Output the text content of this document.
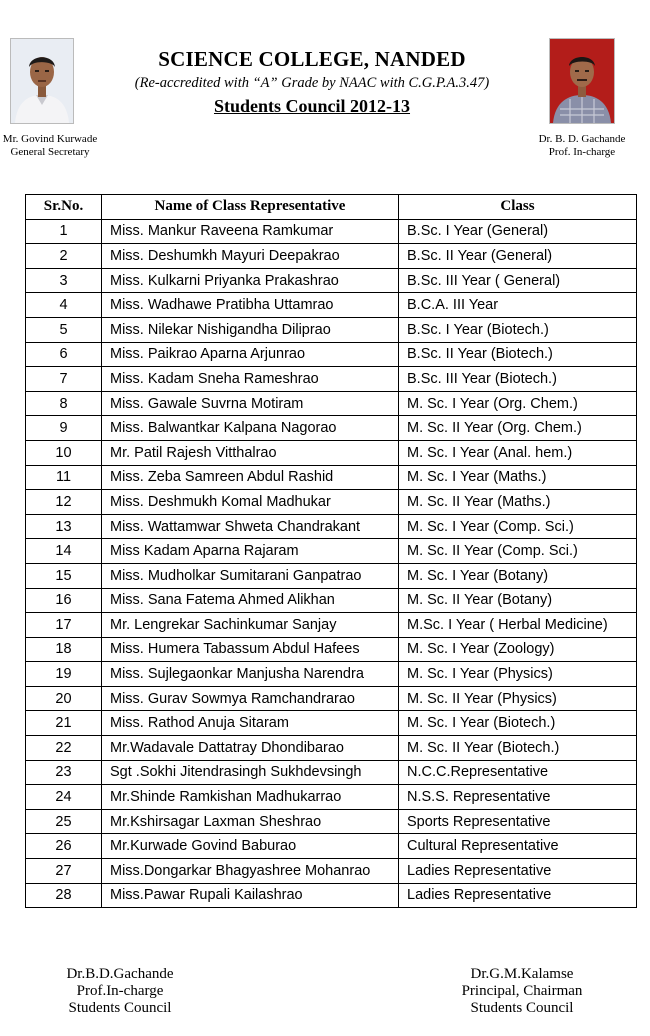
Mr. Govind Kurwade
General Secretary
Dr. B. D. Gachande
Prof. In-charge
SCIENCE COLLEGE, NANDED
(Re-accredited with “A” Grade by NAAC with C.G.P.A.3.47)
Students Council 2012-13
Sr.No.	Name of Class Representative	Class
1	Miss. Mankur Raveena Ramkumar	B.Sc. I Year (General)
2	Miss. Deshumkh Mayuri Deepakrao	B.Sc. II Year (General)
3	Miss. Kulkarni Priyanka Prakashrao	B.Sc. III Year ( General)
4	Miss. Wadhawe Pratibha Uttamrao	B.C.A. III Year
5	Miss. Nilekar Nishigandha Diliprao	B.Sc. I Year (Biotech.)
6	Miss. Paikrao Aparna Arjunrao	B.Sc. II Year (Biotech.)
7	Miss. Kadam Sneha Rameshrao	B.Sc. III Year (Biotech.)
8	Miss. Gawale Suvrna Motiram	M. Sc. I Year (Org. Chem.)
9	Miss. Balwantkar Kalpana Nagorao	M. Sc. II Year (Org. Chem.)
10	Mr. Patil Rajesh Vitthalrao	M. Sc. I Year (Anal. hem.)
11	Miss. Zeba Samreen Abdul Rashid	M. Sc. I Year (Maths.)
12	Miss. Deshmukh Komal Madhukar	M. Sc. II Year (Maths.)
13	Miss. Wattamwar Shweta Chandrakant	M. Sc. I Year (Comp. Sci.)
14	Miss Kadam Aparna Rajaram	M. Sc. II Year (Comp. Sci.)
15	Miss. Mudholkar Sumitarani Ganpatrao	M. Sc. I Year (Botany)
16	Miss. Sana Fatema Ahmed Alikhan	M. Sc. II Year (Botany)
17	Mr. Lengrekar Sachinkumar Sanjay	M.Sc. I Year ( Herbal Medicine)
18	Miss. Humera Tabassum Abdul Hafees	M. Sc. I Year (Zoology)
19	Miss. Sujlegaonkar Manjusha Narendra	M. Sc. I Year (Physics)
20	Miss. Gurav Sowmya Ramchandrarao	M. Sc. II Year (Physics)
21	Miss. Rathod Anuja Sitaram	M. Sc. I Year (Biotech.)
22	Mr.Wadavale Dattatray Dhondibarao	M. Sc. II Year (Biotech.)
23	Sgt .Sokhi Jitendrasingh Sukhdevsingh	N.C.C.Representative
24	Mr.Shinde Ramkishan Madhukarrao	N.S.S. Representative
25	Mr.Kshirsagar Laxman Sheshrao	Sports Representative
26	Mr.Kurwade Govind Baburao	Cultural Representative
27	Miss.Dongarkar Bhagyashree Mohanrao	Ladies Representative
28	Miss.Pawar Rupali Kailashrao	Ladies Representative
Dr.B.D.Gachande
Prof.In-charge
Students Council
Dr.G.M.Kalamse
Principal, Chairman
Students Council
